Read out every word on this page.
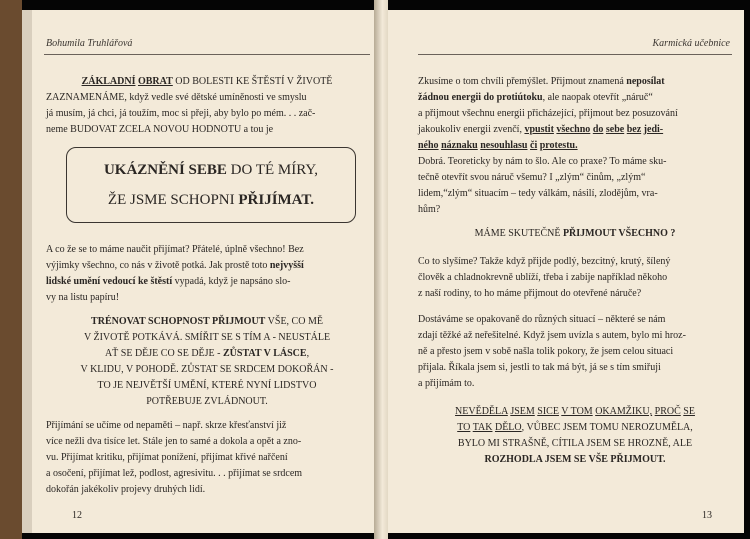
Bohumila Truhlářová
ZÁKLADNÍ OBRAT OD BOLESTI KE ŠTĚSTÍ V ŽIVOTĚ
ZAZNAMENÁME, když vedle své dětské umíněnosti ve smyslu
já musím, já chci, já toužím, moc si přeji, aby bylo po mém. . . zač-
neme BUDOVAT ZCELA NOVOU HODNOTU a tou je
UKÁZNĚNÍ SEBE DO TÉ MÍRY,
ŽE JSME SCHOPNI PŘIJÍMAT.
A co že se to máme naučit přijímat? Přátelé, úplně všechno! Bez
výjimky všechno, co nás v životě potká. Jak prostě toto nejvyšší
lidské umění vedoucí ke štěstí vypadá, když je napsáno slo-
vy na listu papíru!
TRÉNOVAT SCHOPNOST PŘIJMOUT VŠE, CO MĚ
V ŽIVOTĚ POTKÁVÁ. SMÍŘIT SE S TÍM A - NEUSTÁLE
AŤ SE DĚJE CO SE DĚJE - ZŮSTAT V LÁSCE,
V KLIDU, V POHODĚ. ZŮSTAT SE SRDCEM DOKOŘÁN -
TO JE NEJVĚTŠÍ UMĚNÍ, KTERÉ NYNÍ LIDSTVO
POTŘEBUJE ZVLÁDNOUT.
Přijímání se učíme od nepaměti – např. skrze křesťanství již
více nežli dva tisíce let. Stále jen to samé a dokola a opět a zno-
vu. Přijímat kritiku, přijímat ponížení, přijímat křivé nařčení
a osočení, přijímat lež, podlost, agresivitu. . . přijímat se srdcem
dokořán jakékoliv projevy druhých lidí.
12
Karmická učebnice
Zkusíme o tom chvíli přemýšlet. Přijmout znamená neposílat
žádnou energii do protiútoku, ale naopak otevřít „náruč“
a přijmout všechnu energii přicházející, přijmout bez posuzování
jakoukoliv energii zvenčí, vpustit všechno do sebe bez jedi-
ného náznaku nesouhlasu či protestu.
Dobrá. Teoreticky by nám to šlo. Ale co praxe? To máme sku-
tečně otevřít svou náruč všemu? I „zlým“ činům, „zlým“
lidem,“zlým“ situacím – tedy válkám, násilí, zlodějům, vra-
hům?
MÁME SKUTEČNĚ PŘIJMOUT VŠECHNO ?
Co to slyšíme? Takže když přijde podlý, bezcitný, krutý, šílený
člověk a chladnokrevně ublíží, třeba i zabije například někoho
z naší rodiny, to ho máme přijmout do otevřené náruče?
Dostáváme se opakovaně do různých situací – některé se nám
zdají těžké až neřešitelné. Když jsem uvízla s autem, bylo mi hroz-
ně a přesto jsem v sobě našla tolik pokory, že jsem celou situaci
přijala. Říkala jsem si, jestli to tak má být, já se s tím smiřuji
a přijímám to.
NEVĚDĚLA JSEM SICE V TOM OKAMŽIKU, PROČ SE
TO TAK DĚLO, VŮBEC JSEM TOMU NEROZUMĚLA,
BYLO MI STRAŠNĚ, CÍTILA JSEM SE HROZNĚ, ALE
ROZHODLA JSEM SE VŠE PŘIJMOUT.
13
